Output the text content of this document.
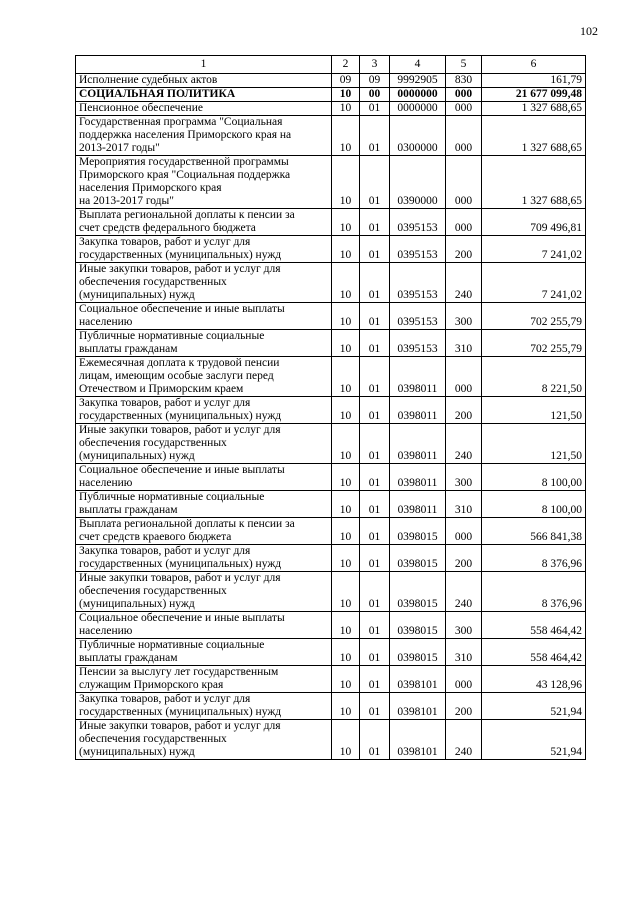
102
1	2	3	4	5	6
Исполнение судебных актов	09	09	9992905	830	161,79
СОЦИАЛЬНАЯ ПОЛИТИКА	10	00	0000000	000	21 677 099,48
Пенсионное обеспечение	10	01	0000000	000	1 327 688,65
Государственная программа "Социальная
поддержка населения Приморского края на
2013-2017 годы"	10	01	0300000	000	1 327 688,65
Мероприятия государственной программы
Приморского края "Социальная поддержка
населения Приморского края
на 2013-2017 годы"	10	01	0390000	000	1 327 688,65
Выплата региональной доплаты к пенсии за
счет средств федерального бюджета	10	01	0395153	000	709 496,81
Закупка товаров, работ и услуг для
государственных (муниципальных) нужд	10	01	0395153	200	7 241,02
Иные закупки товаров, работ и услуг для
обеспечения государственных
(муниципальных) нужд	10	01	0395153	240	7 241,02
Социальное обеспечение и иные выплаты
населению	10	01	0395153	300	702 255,79
Публичные нормативные социальные
выплаты гражданам	10	01	0395153	310	702 255,79
Ежемесячная доплата к трудовой пенсии
лицам, имеющим особые заслуги перед
Отечеством и Приморским краем	10	01	0398011	000	8 221,50
Закупка товаров, работ и услуг для
государственных (муниципальных) нужд	10	01	0398011	200	121,50
Иные закупки товаров, работ и услуг для
обеспечения государственных
(муниципальных) нужд	10	01	0398011	240	121,50
Социальное обеспечение и иные выплаты
населению	10	01	0398011	300	8 100,00
Публичные нормативные социальные
выплаты гражданам	10	01	0398011	310	8 100,00
Выплата региональной доплаты к пенсии за
счет средств краевого бюджета	10	01	0398015	000	566 841,38
Закупка товаров, работ и услуг для
государственных (муниципальных) нужд	10	01	0398015	200	8 376,96
Иные закупки товаров, работ и услуг для
обеспечения государственных
(муниципальных) нужд	10	01	0398015	240	8 376,96
Социальное обеспечение и иные выплаты
населению	10	01	0398015	300	558 464,42
Публичные нормативные социальные
выплаты гражданам	10	01	0398015	310	558 464,42
Пенсии за выслугу лет государственным
служащим Приморского края	10	01	0398101	000	43 128,96
Закупка товаров, работ и услуг для
государственных (муниципальных) нужд	10	01	0398101	200	521,94
Иные закупки товаров, работ и услуг для
обеспечения государственных
(муниципальных) нужд	10	01	0398101	240	521,94
